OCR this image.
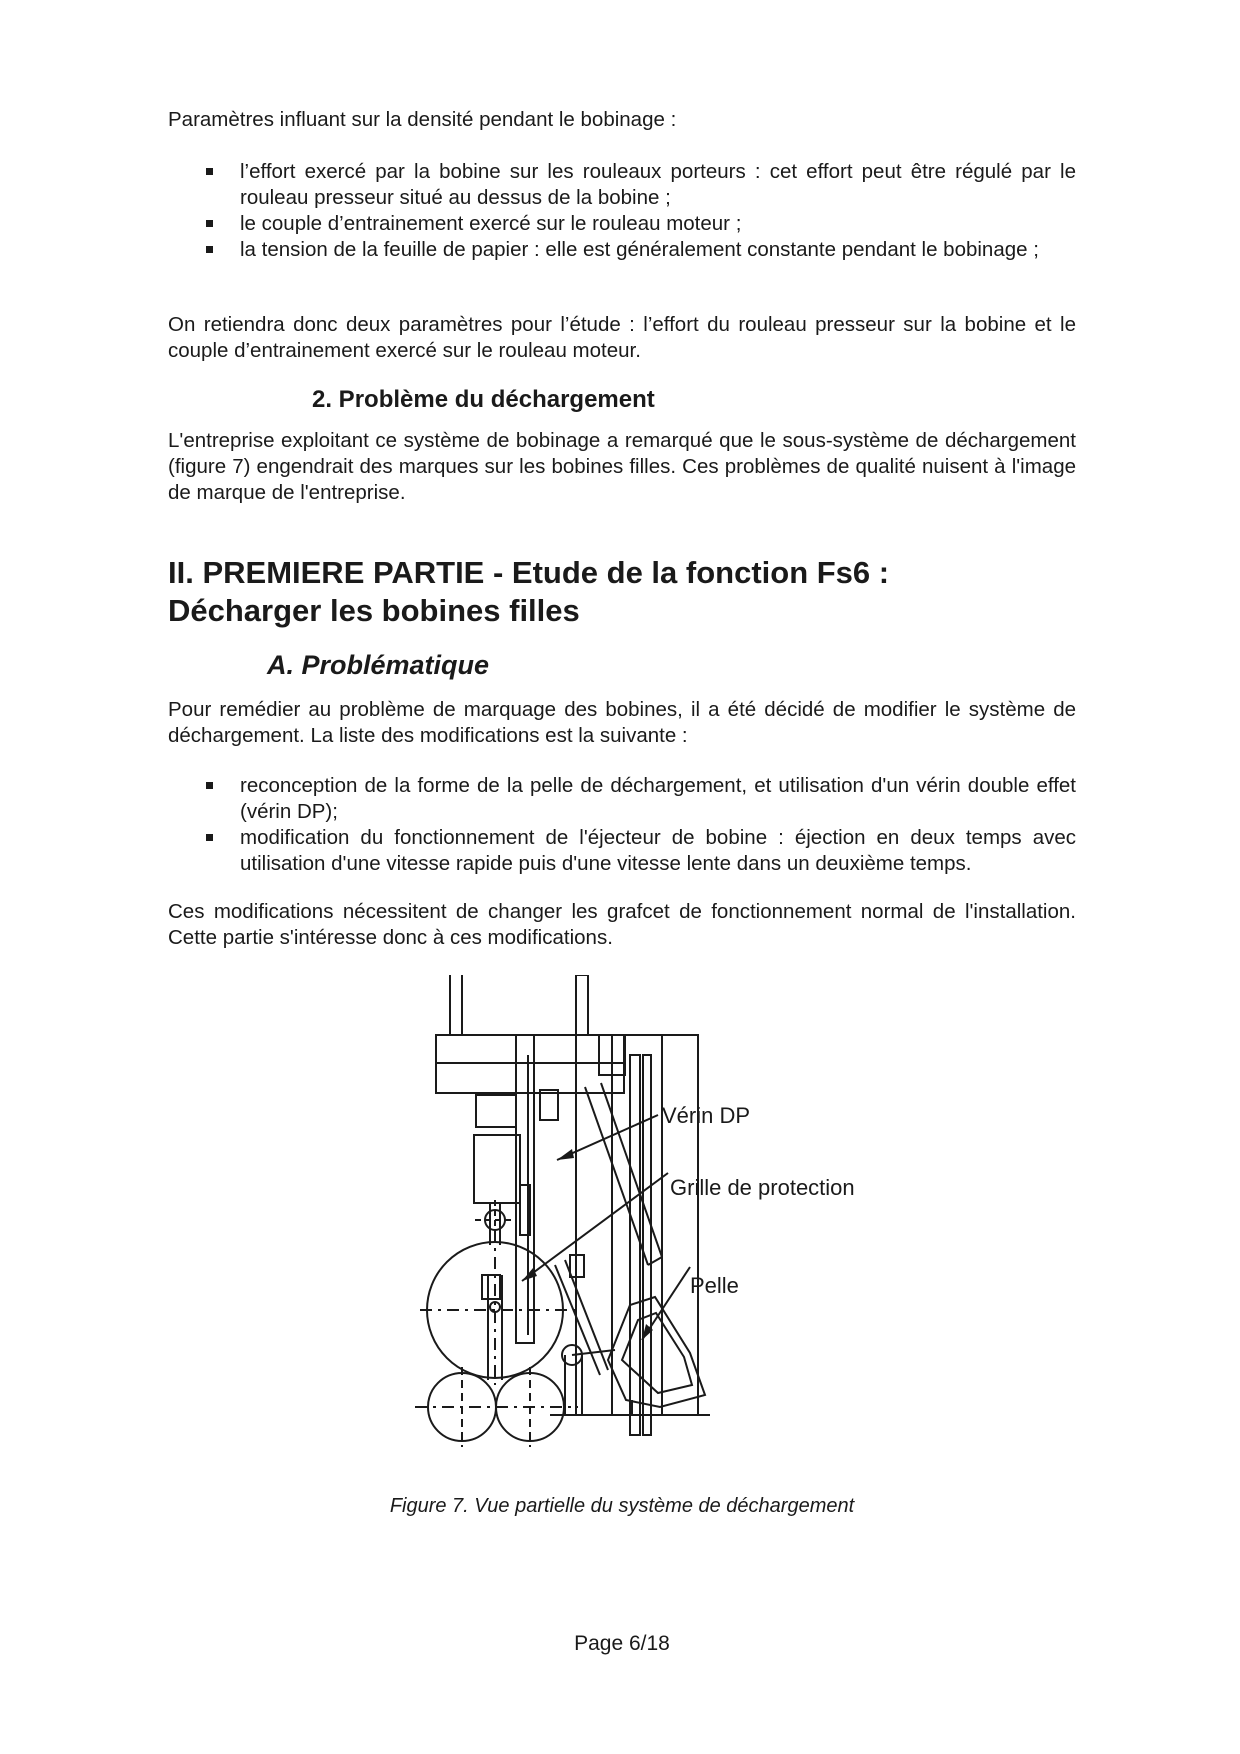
Paramètres influant sur la densité pendant le bobinage :

l’effort exercé par la bobine sur les rouleaux porteurs : cet effort peut être régulé par le rouleau presseur situé au dessus de la bobine ;
le couple d’entrainement exercé sur le rouleau moteur ;
la tension de la feuille de papier : elle est généralement constante pendant le bobinage ;

On retiendra donc deux paramètres pour l’étude : l’effort du rouleau presseur sur la bobine et le couple d’entrainement exercé sur le rouleau moteur.

2. Problème du déchargement

L'entreprise exploitant ce système de bobinage a remarqué que le sous-système de déchargement (figure 7) engendrait des marques sur les bobines filles. Ces problèmes de qualité nuisent à l'image de marque de l'entreprise.

II. PREMIERE PARTIE - Etude de la fonction Fs6 :
Décharger les bobines filles
A. Problématique

Pour remédier au problème de marquage des bobines, il a été décidé de modifier le système de déchargement. La liste des modifications est la suivante :

reconception de la forme de la pelle de déchargement, et utilisation d'un vérin double effet (vérin DP);
modification du fonctionnement de l'éjecteur de bobine : éjection en deux temps avec utilisation d'une vitesse rapide puis d'une vitesse lente dans un deuxième temps.

Ces modifications nécessitent de changer les grafcet de fonctionnement normal de l'installation. Cette partie s'intéresse donc à ces modifications.

Vérin DP
Grille de protection
Pelle

Figure 7. Vue partielle du système de déchargement

Page 6/18
